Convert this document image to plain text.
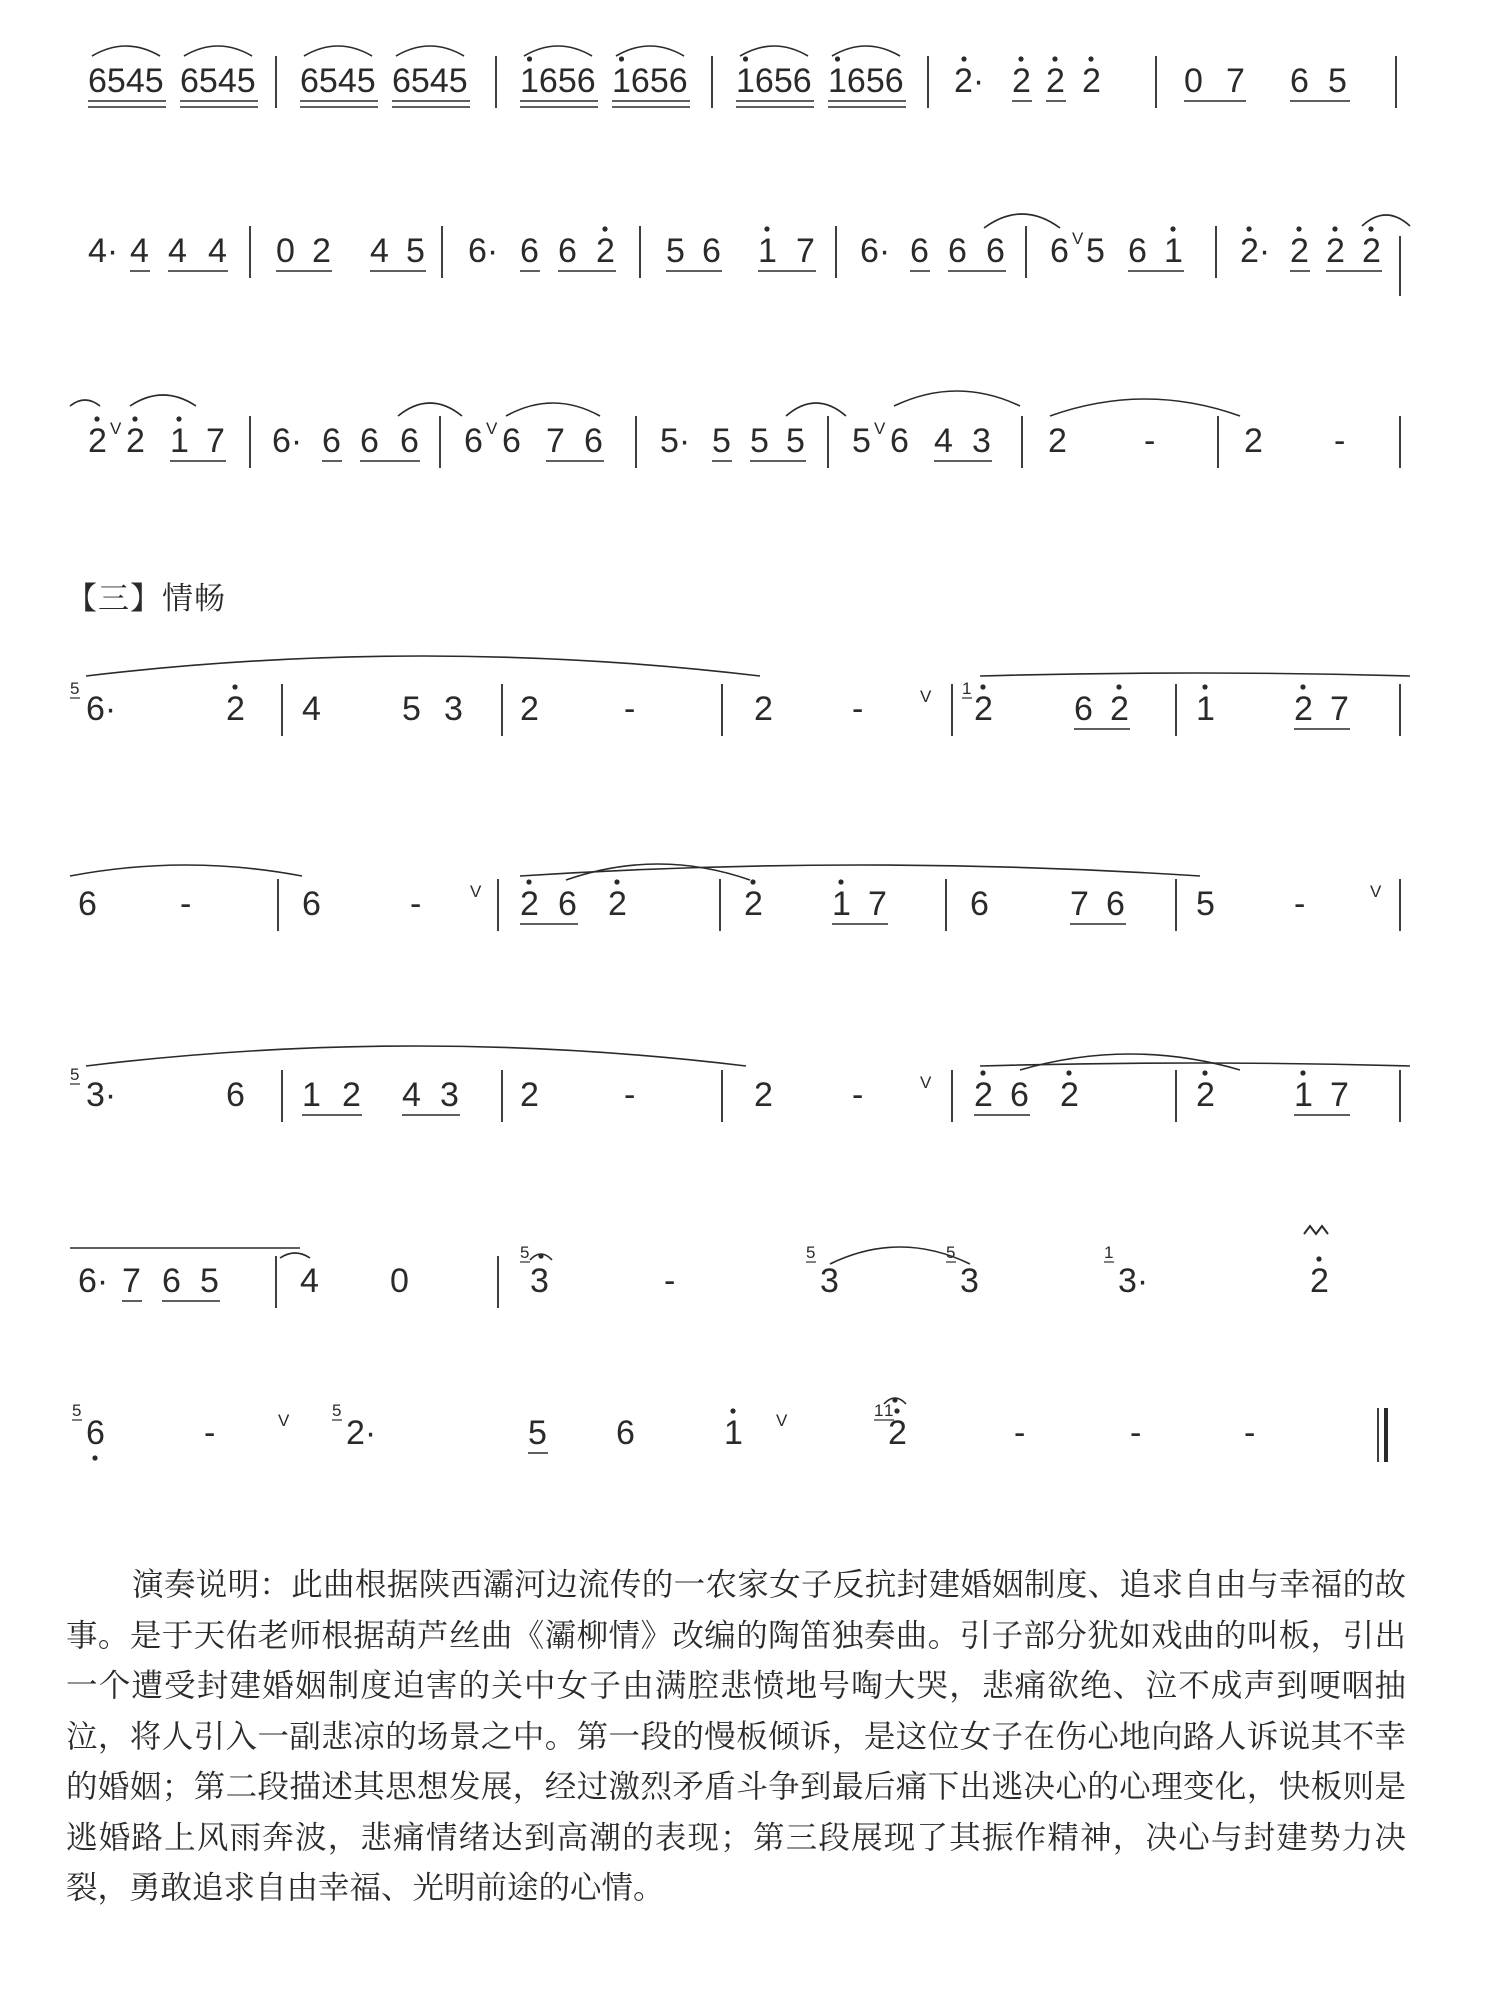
6545 6545 6545 6545 1656 1656 1656 1656 2· 2 2 2 0 7 6 5
4· 4 4 4 0 2 4 5 6· 6 6 2 5 6 1 7 6· 6 6 6 6 V 5 6 1 2· 2 2 2
2 V 2 1 7 6· 6 6 6 6 V 6 7 6 5· 5 5 5 5 V 6 4 3 2 -	2 -
5
6·	2 4 5 3 2	-	2 -	V 1
2 6 2 1 2 7
6 -	6	-	V 2 6 2	2 1 7 6 7 6 5 -	V
5
3·	6 1 2 4 3 2	-	2 -	V 2 6 2	2 1 7
6· 7 6 5 4 0
5
3	-
5
3
5
3
1
3·	2
5
6	-	V
5
2·	5 6	1 V
1 1
2	-	-	-
【三】情畅
演奏说明：此曲根据陕西灞河边流传的一农家女子反抗封建婚姻制度、追求自由与幸福的故事。是于天佑老师根据葫芦丝曲《灞柳情》改编的陶笛独奏曲。引子部分犹如戏曲的叫板，引出一个遭受封建婚姻制度迫害的关中女子由满腔悲愤地号啕大哭，悲痛欲绝、泣不成声到哽咽抽泣，将人引入一副悲凉的场景之中。第一段的慢板倾诉，是这位女子在伤心地向路人诉说其不幸的婚姻；第二段描述其思想发展，经过激烈矛盾斗争到最后痛下出逃决心的心理变化，快板则是逃婚路上风雨奔波，悲痛情绪达到高潮的表现；第三段展现了其振作精神，决心与封建势力决裂，勇敢追求自由幸福、光明前途的心情。
